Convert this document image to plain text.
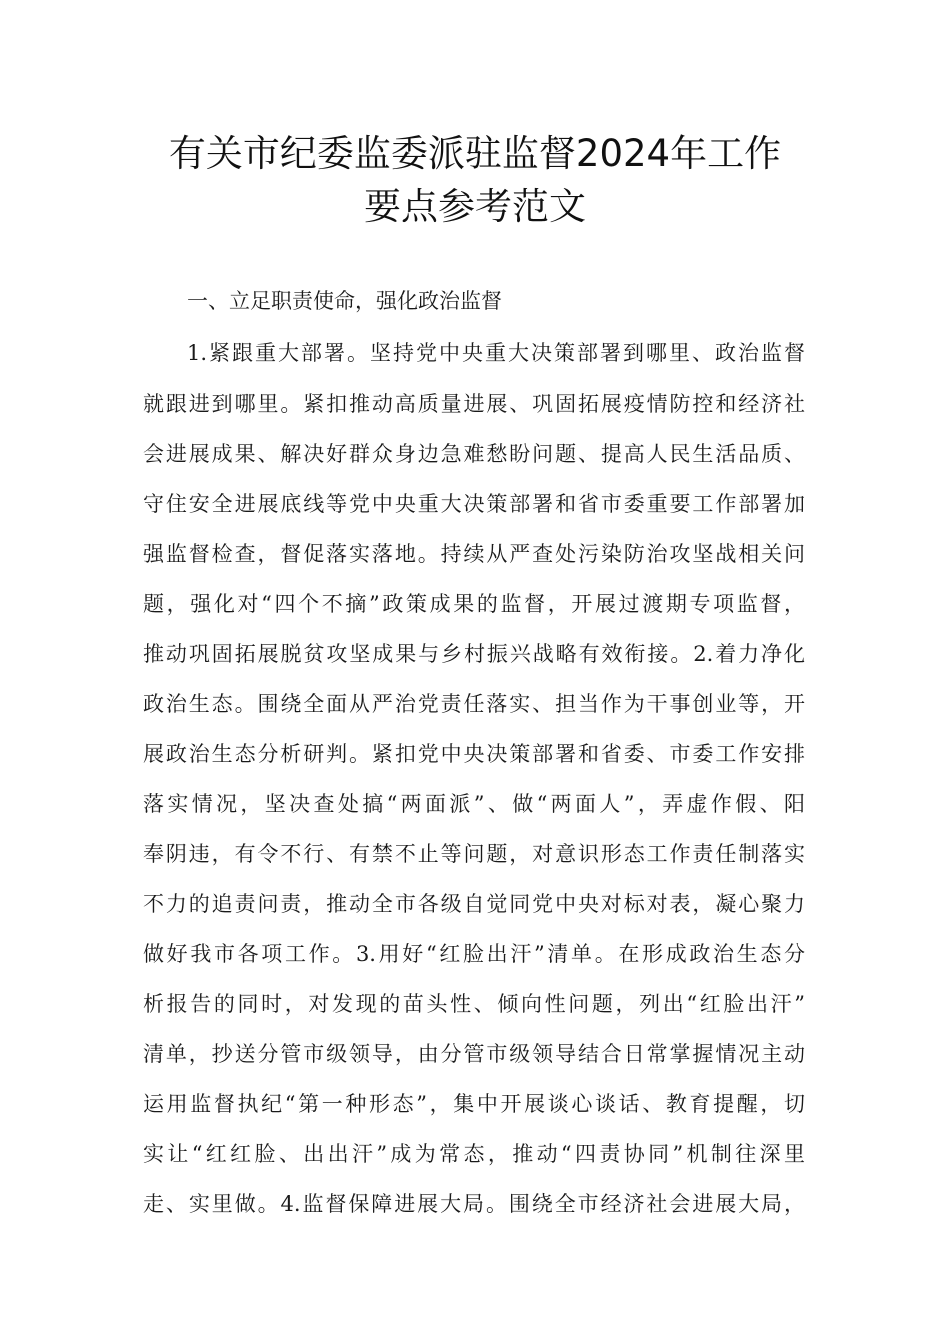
有关市纪委监委派驻监督2024年工作
要点参考范文

一、立足职责使命，强化政治监督

1.紧跟重大部署。坚持党中央重大决策部署到哪里、政治监督

就跟进到哪里。紧扣推动高质量进展、巩固拓展疫情防控和经济社

会进展成果、解决好群众身边急难愁盼问题、提高人民生活品质、

守住安全进展底线等党中央重大决策部署和省市委重要工作部署加

强监督检查，督促落实落地。持续从严查处污染防治攻坚战相关问

题，强化对“四个不摘”政策成果的监督，开展过渡期专项监督，

推动巩固拓展脱贫攻坚成果与乡村振兴战略有效衔接。2.着力净化

政治生态。围绕全面从严治党责任落实、担当作为干事创业等，开

展政治生态分析研判。紧扣党中央决策部署和省委、市委工作安排

落实情况，坚决查处搞“两面派”、做“两面人”，弄虚作假、阳

奉阴违，有令不行、有禁不止等问题，对意识形态工作责任制落实

不力的追责问责，推动全市各级自觉同党中央对标对表，凝心聚力

做好我市各项工作。3.用好“红脸出汗”清单。在形成政治生态分

析报告的同时，对发现的苗头性、倾向性问题，列出“红脸出汗”

清单，抄送分管市级领导，由分管市级领导结合日常掌握情况主动

运用监督执纪“第一种形态”，集中开展谈心谈话、教育提醒，切

实让“红红脸、出出汗”成为常态，推动“四责协同”机制往深里

走、实里做。4.监督保障进展大局。围绕全市经济社会进展大局，
